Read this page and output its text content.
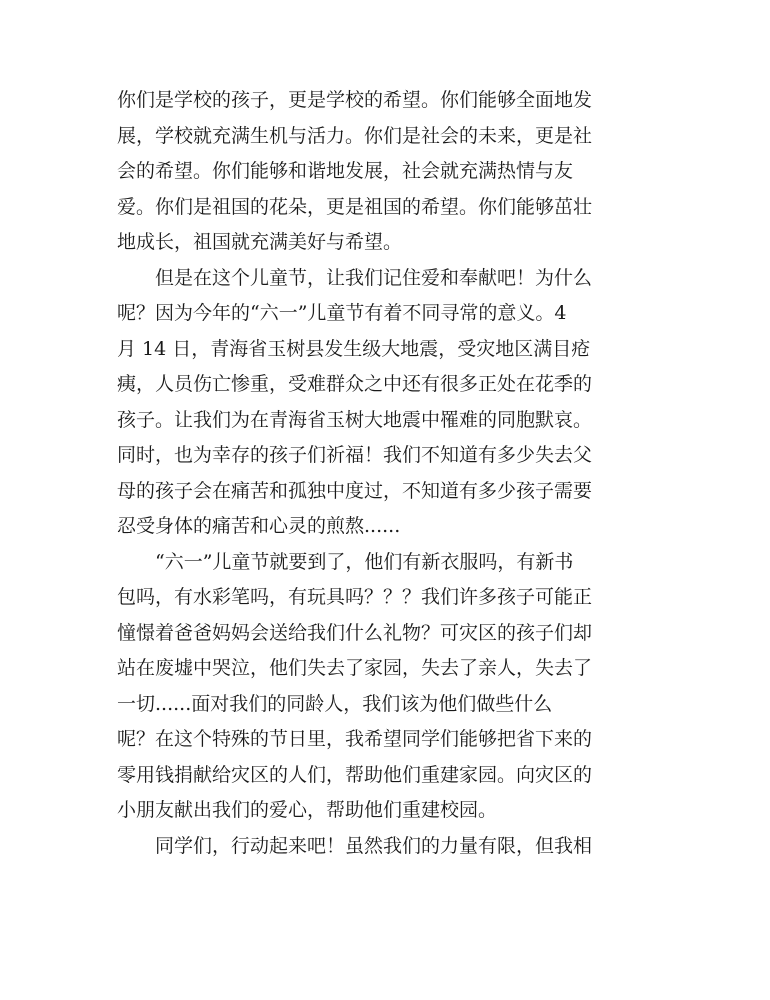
你们是学校的孩子，更是学校的希望。你们能够全面地发
展，学校就充满生机与活力。你们是社会的未来，更是社
会的希望。你们能够和谐地发展，社会就充满热情与友
爱。你们是祖国的花朵，更是祖国的希望。你们能够茁壮
地成长，祖国就充满美好与希望。
但是在这个儿童节，让我们记住爱和奉献吧！为什么
呢？因为今年的“六一”儿童节有着不同寻常的意义。4
月 14 日，青海省玉树县发生级大地震，受灾地区满目疮
痍，人员伤亡惨重，受难群众之中还有很多正处在花季的
孩子。让我们为在青海省玉树大地震中罹难的同胞默哀。
同时，也为幸存的孩子们祈福！我们不知道有多少失去父
母的孩子会在痛苦和孤独中度过，不知道有多少孩子需要
忍受身体的痛苦和心灵的煎熬......
“六一”儿童节就要到了，他们有新衣服吗，有新书
包吗，有水彩笔吗，有玩具吗？？？我们许多孩子可能正
憧憬着爸爸妈妈会送给我们什么礼物？可灾区的孩子们却
站在废墟中哭泣，他们失去了家园，失去了亲人，失去了
一切......面对我们的同龄人，我们该为他们做些什么
呢？在这个特殊的节日里，我希望同学们能够把省下来的
零用钱捐献给灾区的人们，帮助他们重建家园。向灾区的
小朋友献出我们的爱心，帮助他们重建校园。
同学们，行动起来吧！虽然我们的力量有限，但我相
